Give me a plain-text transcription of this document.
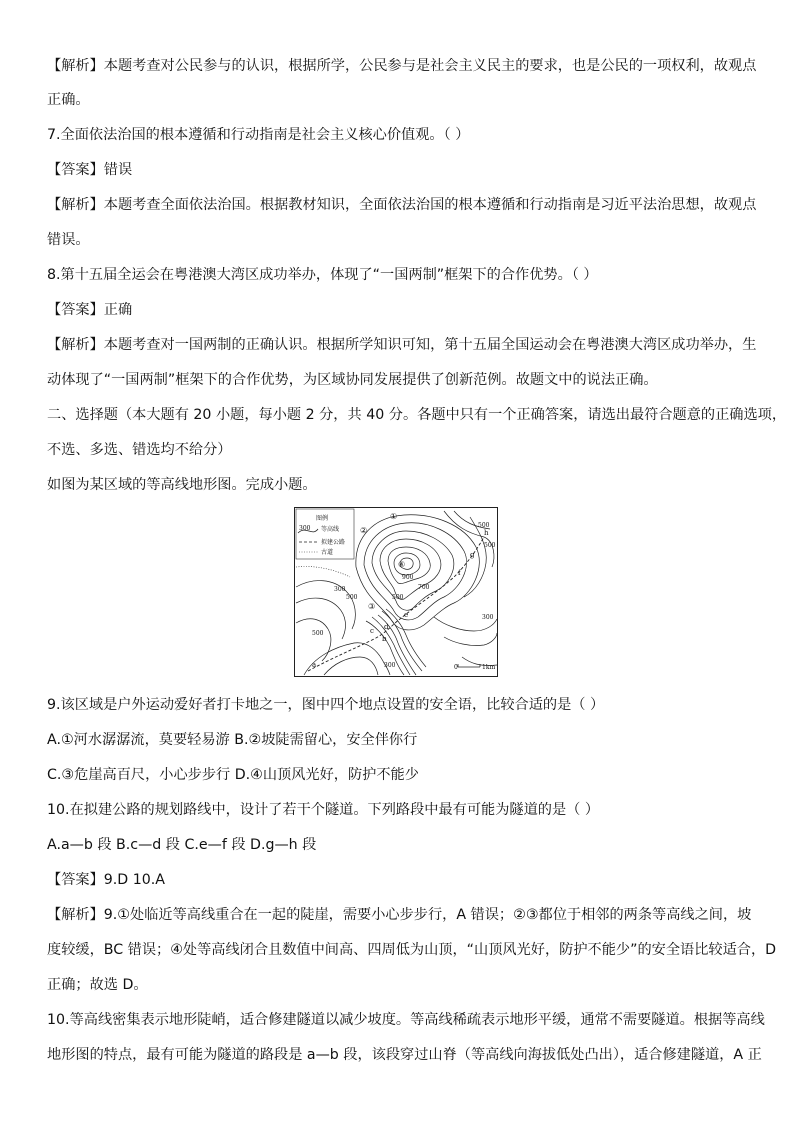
【解析】本题考查对公民参与的认识，根据所学，公民参与是社会主义民主的要求，也是公民的一项权利，故观点

正确。

7.全面依法治国的根本遵循和行动指南是社会主义核心价值观。（ ）

【答案】错误

【解析】本题考查全面依法治国。根据教材知识，全面依法治国的根本遵循和行动指南是习近平法治思想，故观点

错误。

8.第十五届全运会在粤港澳大湾区成功举办，体现了“一国两制”框架下的合作优势。（ ）

【答案】正确

【解析】本题考查对一国两制的正确认识。根据所学知识可知，第十五届全国运动会在粤港澳大湾区成功举办，生

动体现了“一国两制”框架下的合作优势，为区域协同发展提供了创新范例。故题文中的说法正确。

二、选择题（本大题有 20 小题，每小题 2 分，共 40 分。各题中只有一个正确答案，请选出最符合题意的正确选项，

不选、多选、错选均不给分）

如图为某区域的等高线地形图。完成小题。

图例
300 等高线
拟建公路
古道
500
500
500
500
500
300
300
300
900
700
①
②
③
④
a
b
c d
e
f
g
h
0	1km

9.该区域是户外运动爱好者打卡地之一，图中四个地点设置的安全语，比较合适的是（ ）

A.①河水潺潺流，莫要轻易游 B.②坡陡需留心，安全伴你行

C.③危崖高百尺，小心步步行 D.④山顶风光好，防护不能少

10.在拟建公路的规划路线中，设计了若干个隧道。下列路段中最有可能为隧道的是（ ）

A.a—b 段 B.c—d 段 C.e—f 段 D.g—h 段

【答案】9.D 10.A

【解析】9.①处临近等高线重合在一起的陡崖，需要小心步步行，A 错误；②③都位于相邻的两条等高线之间，坡

度较缓，BC 错误；④处等高线闭合且数值中间高、四周低为山顶，“山顶风光好，防护不能少”的安全语比较适合，D

正确；故选 D。

10.等高线密集表示地形陡峭，适合修建隧道以减少坡度。等高线稀疏表示地形平缓，通常不需要隧道。根据等高线

地形图的特点，最有可能为隧道的路段是 a—b 段，该段穿过山脊（等高线向海拔低处凸出），适合修建隧道，A 正
